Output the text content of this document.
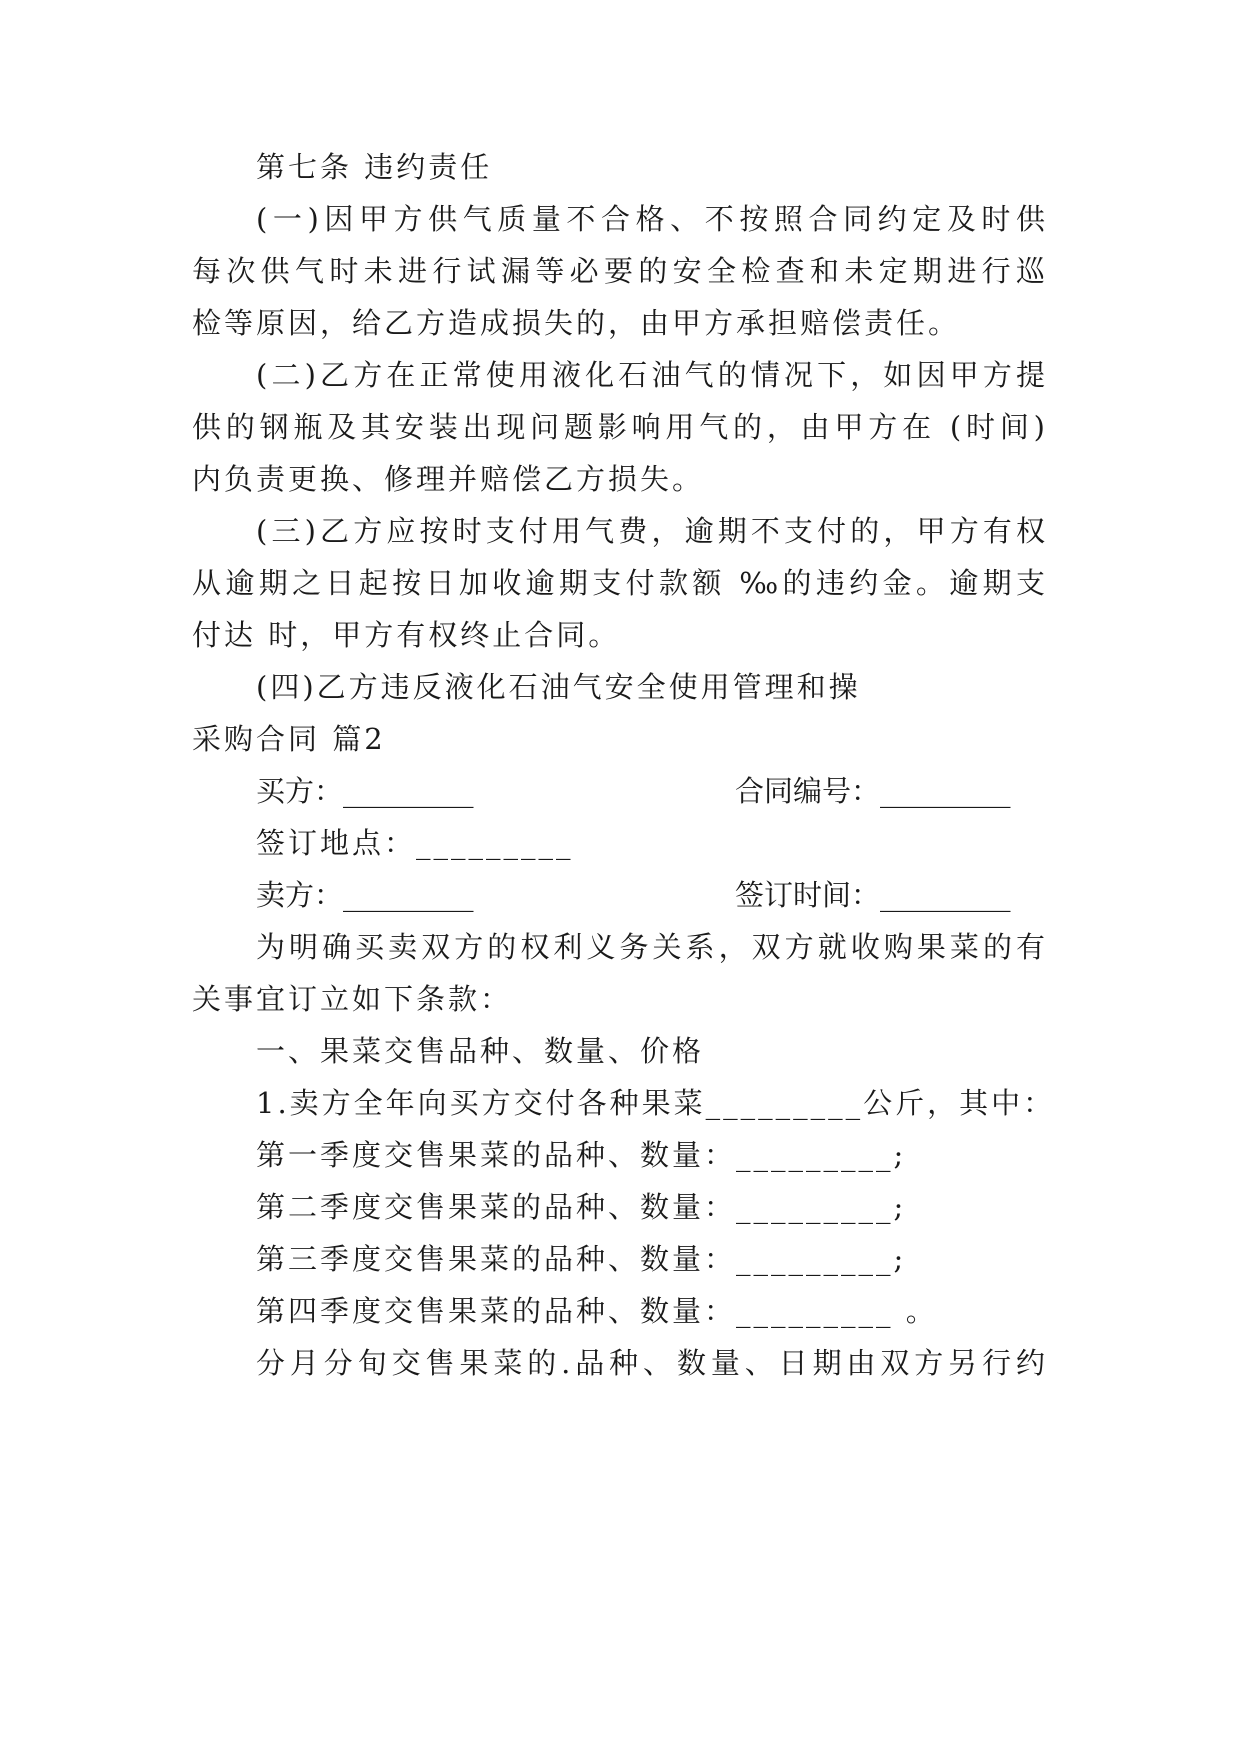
第七条 违约责任
(一)因甲方供气质量不合格、不按照合同约定及时供
每次供气时未进行试漏等必要的安全检查和未定期进行巡
检等原因，给乙方造成损失的，由甲方承担赔偿责任。
(二)乙方在正常使用液化石油气的情况下，如因甲方提
供的钢瓶及其安装出现问题影响用气的，由甲方在 (时间)
内负责更换、修理并赔偿乙方损失。
(三)乙方应按时支付用气费，逾期不支付的，甲方有权
从逾期之日起按日加收逾期支付款额 ‰的违约金。逾期支
付达 时，甲方有权终止合同。
(四)乙方违反液化石油气安全使用管理和操
采购合同 篇2
买方：_________	合同编号：_________
签订地点：_________
卖方：_________	签订时间：_________
为明确买卖双方的权利义务关系，双方就收购果菜的有
关事宜订立如下条款：
一、果菜交售品种、数量、价格
1.卖方全年向买方交付各种果菜_________公斤，其中：
第一季度交售果菜的品种、数量：_________;
第二季度交售果菜的品种、数量：_________;
第三季度交售果菜的品种、数量：_________;
第四季度交售果菜的品种、数量：_________ 。
分月分旬交售果菜的.品种、数量、日期由双方另行约
